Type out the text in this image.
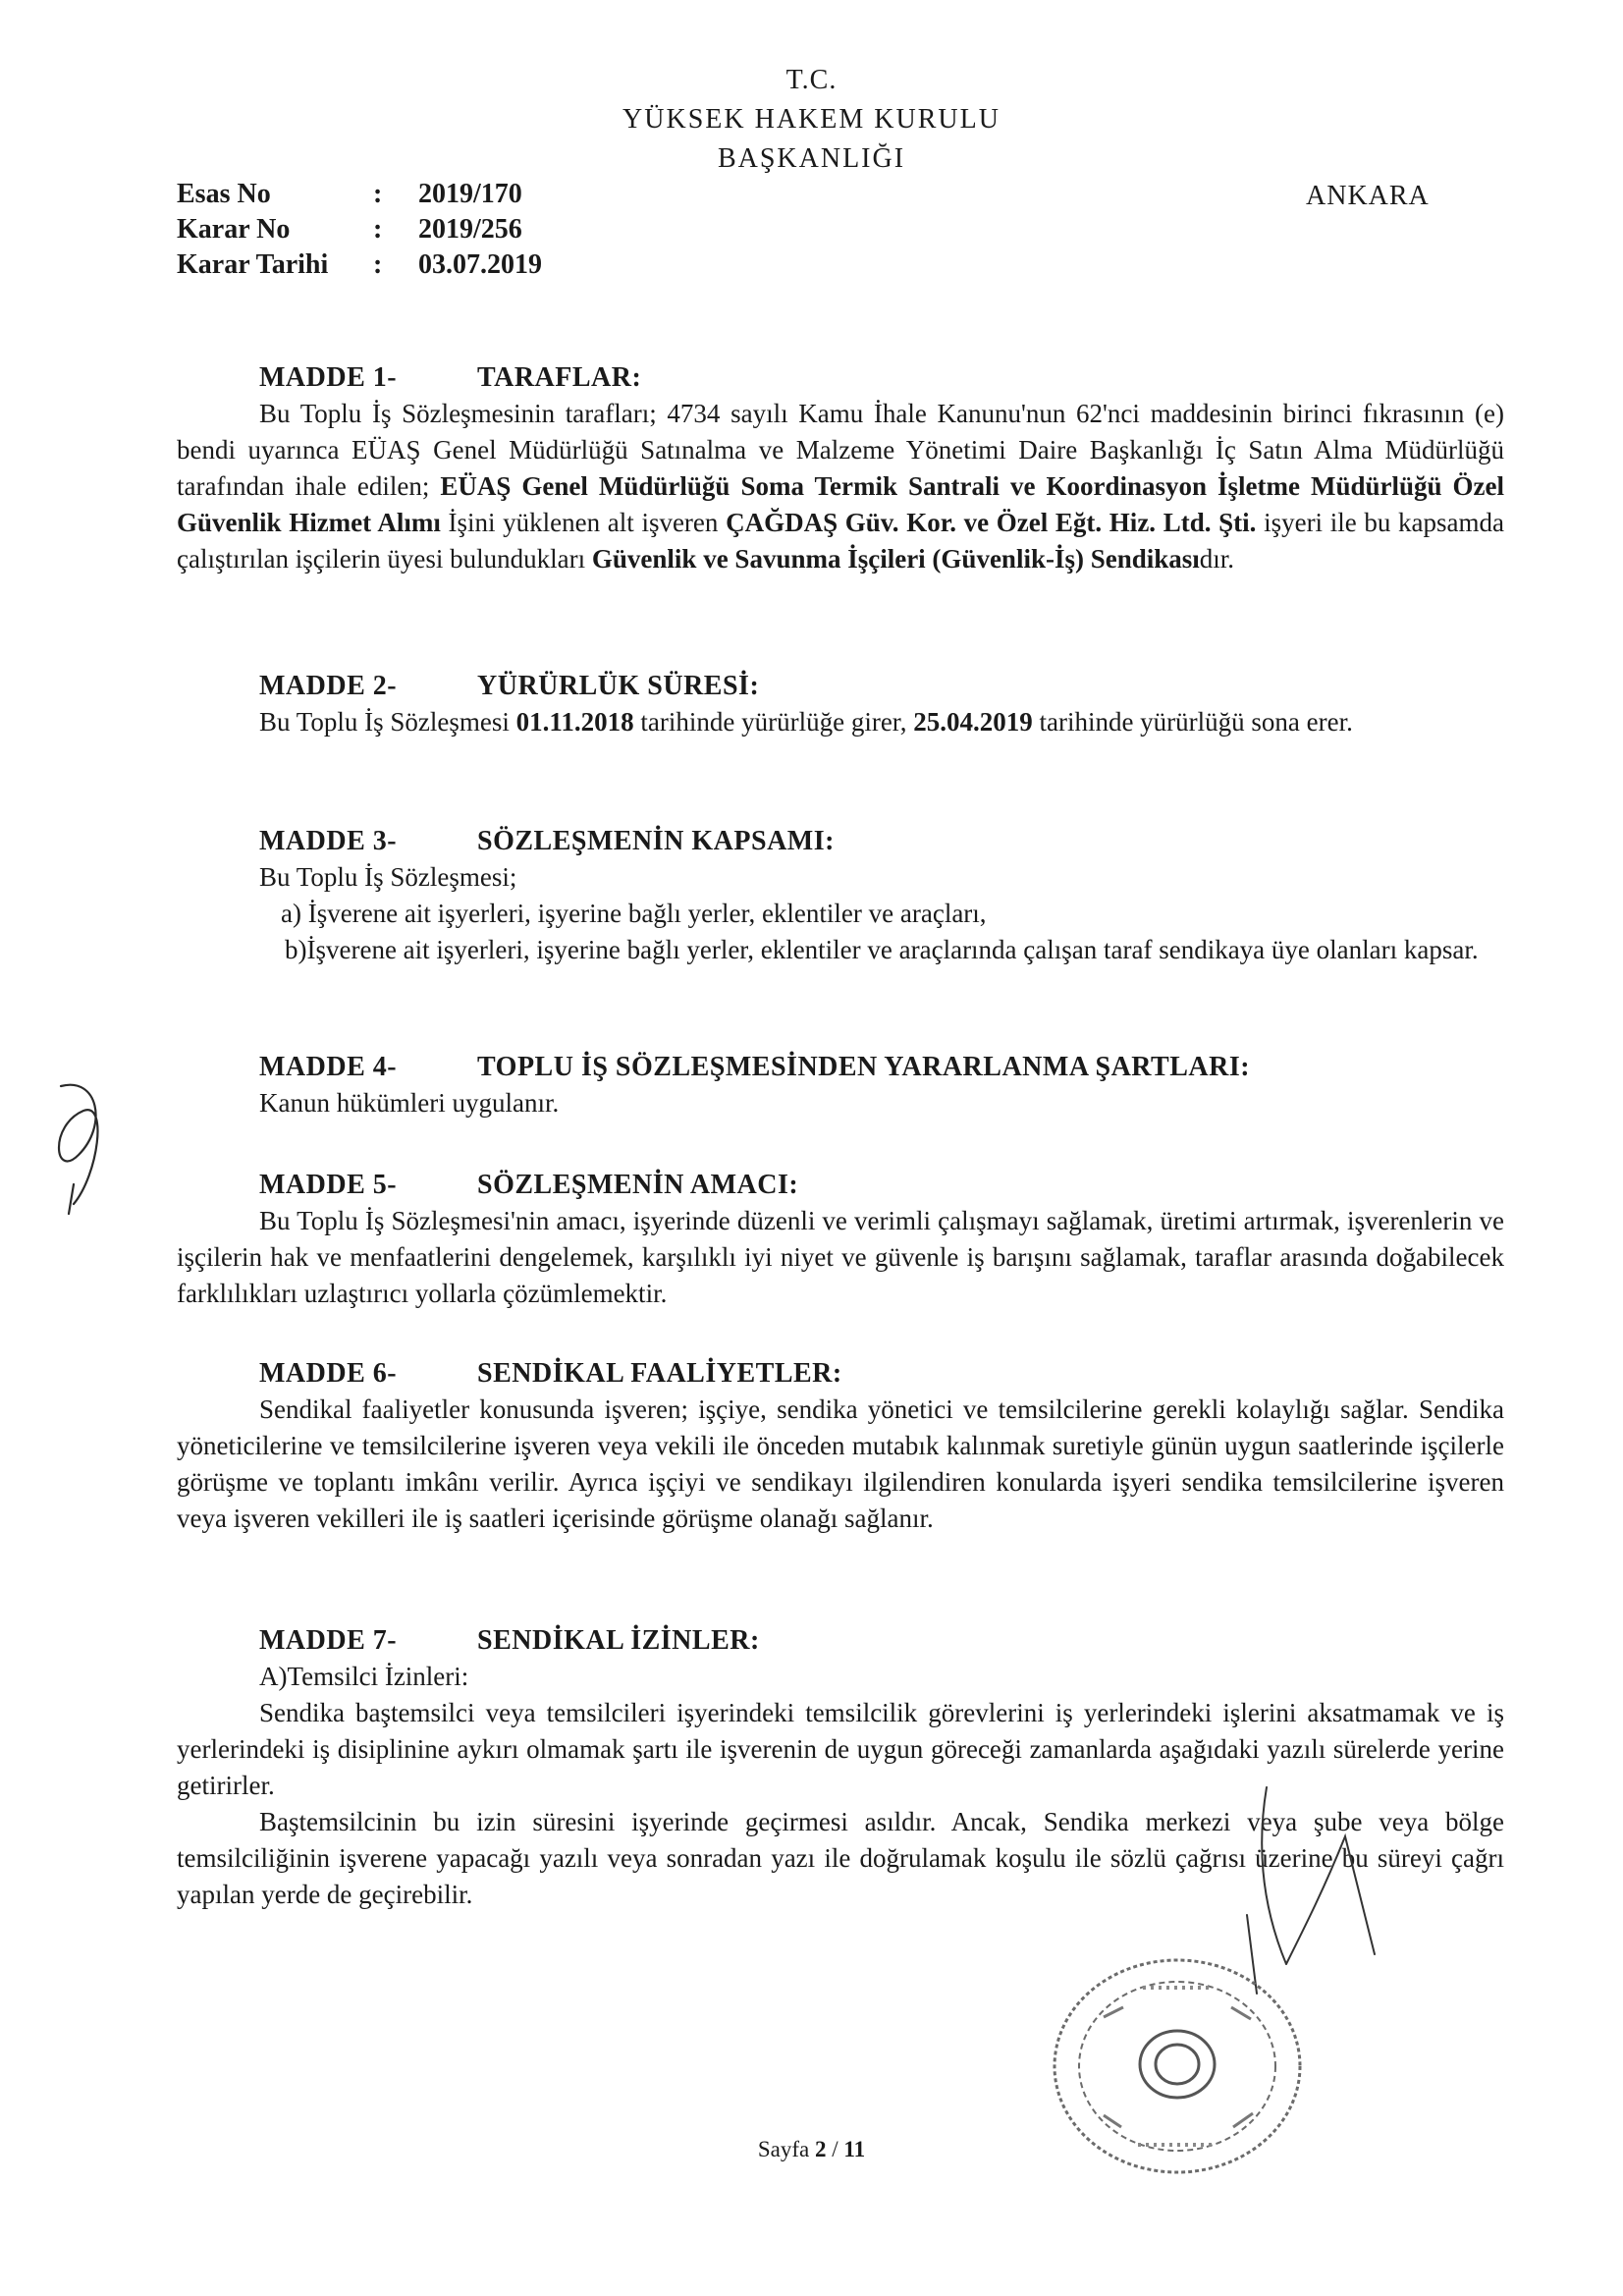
T.C.
YÜKSEK HAKEM KURULU
BAŞKANLIĞI
Esas No	:	2019/170
Karar No	:	2019/256
Karar Tarihi	:	03.07.2019
ANKARA
MADDE 1-	TARAFLAR:

Bu Toplu İş Sözleşmesinin tarafları; 4734 sayılı Kamu İhale Kanunu'nun 62'nci maddesinin birinci fıkrasının (e) bendi uyarınca EÜAŞ Genel Müdürlüğü Satınalma ve Malzeme Yönetimi Daire Başkanlığı İç Satın Alma Müdürlüğü tarafından ihale edilen; EÜAŞ Genel Müdürlüğü Soma Termik Santrali ve Koordinasyon İşletme Müdürlüğü Özel Güvenlik Hizmet Alımı İşini yüklenen alt işveren ÇAĞDAŞ Güv. Kor. ve Özel Eğt. Hiz. Ltd. Şti. işyeri ile bu kapsamda çalıştırılan işçilerin üyesi bulundukları Güvenlik ve Savunma İşçileri (Güvenlik-İş) Sendikasıdır.

MADDE 2-	YÜRÜRLÜK SÜRESİ:

Bu Toplu İş Sözleşmesi 01.11.2018 tarihinde yürürlüğe girer, 25.04.2019 tarihinde yürürlüğü sona erer.

MADDE 3-	SÖZLEŞMENİN KAPSAMI:

Bu Toplu İş Sözleşmesi;

a) İşverene ait işyerleri, işyerine bağlı yerler, eklentiler ve araçları,

b)İşverene ait işyerleri, işyerine bağlı yerler, eklentiler ve araçlarında çalışan taraf sendikaya üye olanları kapsar.

MADDE 4-	TOPLU İŞ SÖZLEŞMESİNDEN YARARLANMA ŞARTLARI:

Kanun hükümleri uygulanır.

MADDE 5-	SÖZLEŞMENİN AMACI:

Bu Toplu İş Sözleşmesi'nin amacı, işyerinde düzenli ve verimli çalışmayı sağlamak, üretimi artırmak, işverenlerin ve işçilerin hak ve menfaatlerini dengelemek, karşılıklı iyi niyet ve güvenle iş barışını sağlamak, taraflar arasında doğabilecek farklılıkları uzlaştırıcı yollarla çözümlemektir.

MADDE 6-	SENDİKAL FAALİYETLER:

Sendikal faaliyetler konusunda işveren; işçiye, sendika yönetici ve temsilcilerine gerekli kolaylığı sağlar. Sendika yöneticilerine ve temsilcilerine işveren veya vekili ile önceden mutabık kalınmak suretiyle günün uygun saatlerinde işçilerle görüşme ve toplantı imkânı verilir. Ayrıca işçiyi ve sendikayı ilgilendiren konularda işyeri sendika temsilcilerine işveren veya işveren vekilleri ile iş saatleri içerisinde görüşme olanağı sağlanır.

MADDE 7-	SENDİKAL İZİNLER:

A)Temsilci İzinleri:

Sendika baştemsilci veya temsilcileri işyerindeki temsilcilik görevlerini iş yerlerindeki işlerini aksatmamak ve iş yerlerindeki iş disiplinine aykırı olmamak şartı ile işverenin de uygun göreceği zamanlarda aşağıdaki yazılı sürelerde yerine getirirler.

Baştemsilcinin bu izin süresini işyerinde geçirmesi asıldır. Ancak, Sendika merkezi veya şube veya bölge temsilciliğinin işverene yapacağı yazılı veya sonradan yazı ile doğrulamak koşulu ile sözlü çağrısı üzerine bu süreyi çağrı yapılan yerde de geçirebilir.

Sayfa 2 / 11
